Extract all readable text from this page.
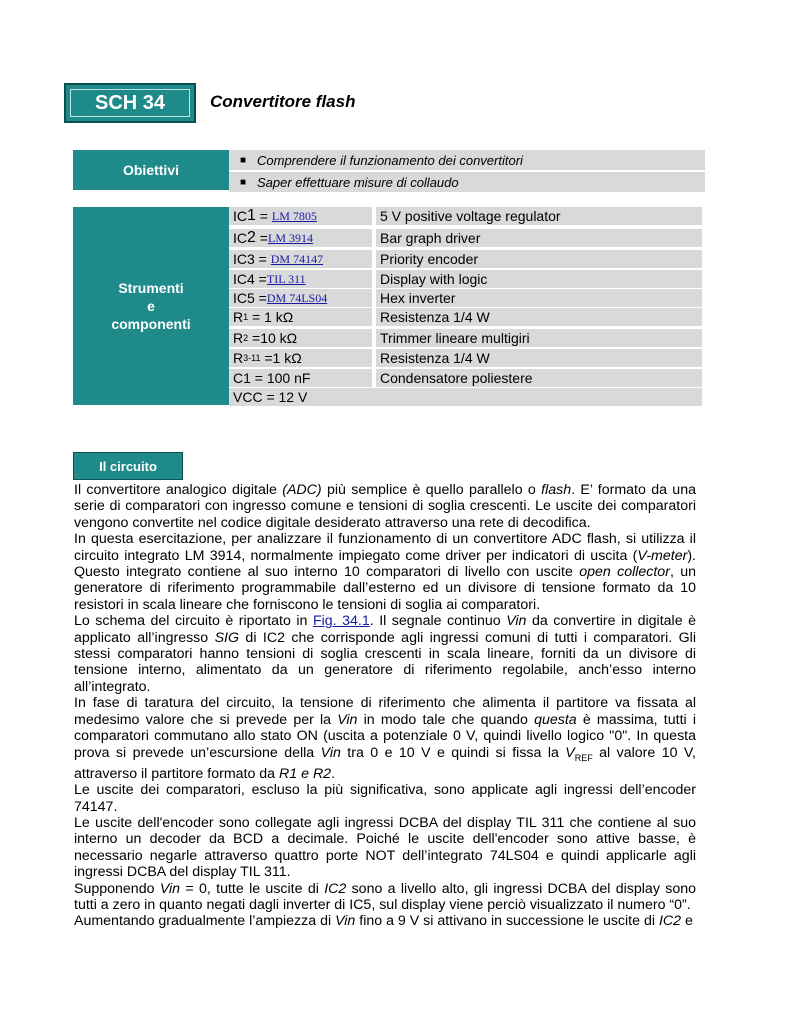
SCH 34	Convertitore flash
Obiettivi
■ Comprendere il funzionamento dei convertitori
■ Saper effettuare misure di collaudo
Strumenti
e
componenti
IC 1 = LM 7805	5 V positive voltage regulator
IC 2 = LM 3914	Bar graph driver
IC3 = DM 74147	Priority encoder
IC4 = TIL 311	Display with logic
IC5 = DM 74LS04	Hex inverter
R 1 = 1 kΩ	Resistenza 1/4 W
R 2 =10 kΩ	Trimmer lineare multigiri
R 3-11 =1 kΩ	Resistenza 1/4 W
C1 = 100 nF	Condensatore poliestere
VCC = 12 V
Il circuito

Il convertitore analogico digitale (ADC) più semplice è quello parallelo o flash. E’ formato da una serie di comparatori con ingresso comune e tensioni di soglia crescenti. Le uscite dei comparatori vengono convertite nel codice digitale desiderato attraverso una rete di decodifica.

In questa esercitazione, per analizzare il funzionamento di un convertitore ADC flash, si utilizza il circuito integrato LM 3914, normalmente impiegato come driver per indicatori di uscita (V-meter). Questo integrato contiene al suo interno 10 comparatori di livello con uscite open collector, un generatore di riferimento programmabile dall’esterno ed un divisore di tensione formato da 10 resistori in scala lineare che forniscono le tensioni di soglia ai comparatori.

Lo schema del circuito è riportato in Fig. 34.1. Il segnale continuo Vin da convertire in digitale è applicato all’ingresso SIG di IC2 che corrisponde agli ingressi comuni di tutti i comparatori. Gli stessi comparatori hanno tensioni di soglia crescenti in scala lineare, forniti da un divisore di tensione interno, alimentato da un generatore di riferimento regolabile, anch’esso interno all’integrato.

In fase di taratura del circuito, la tensione di riferimento che alimenta il partitore va fissata al medesimo valore che si prevede per la Vin in modo tale che quando questa è massima, tutti i comparatori commutano allo stato ON (uscita a potenziale 0 V, quindi livello logico "0". In questa prova si prevede un’escursione della Vin tra 0 e 10 V e quindi si fissa la $V_{REF}$ al valore 10 V, attraverso il partitore formato da R1 e R2.

Le uscite dei comparatori, escluso la più significativa, sono applicate agli ingressi dell’encoder 74147.

Le uscite dell'encoder sono collegate agli ingressi DCBA del display TIL 311 che contiene al suo interno un decoder da BCD a decimale. Poiché le uscite dell'encoder sono attive basse, è necessario negarle attraverso quattro porte NOT dell’integrato 74LS04 e quindi applicarle agli ingressi DCBA del display TIL 311.

Supponendo Vin = 0, tutte le uscite di IC2 sono a livello alto, gli ingressi DCBA del display sono tutti a zero in quanto negati dagli inverter di IC5, sul display viene perciò visualizzato il numero “0”.

Aumentando gradualmente l’ampiezza di Vin fino a 9 V si attivano in successione le uscite di IC2 e
